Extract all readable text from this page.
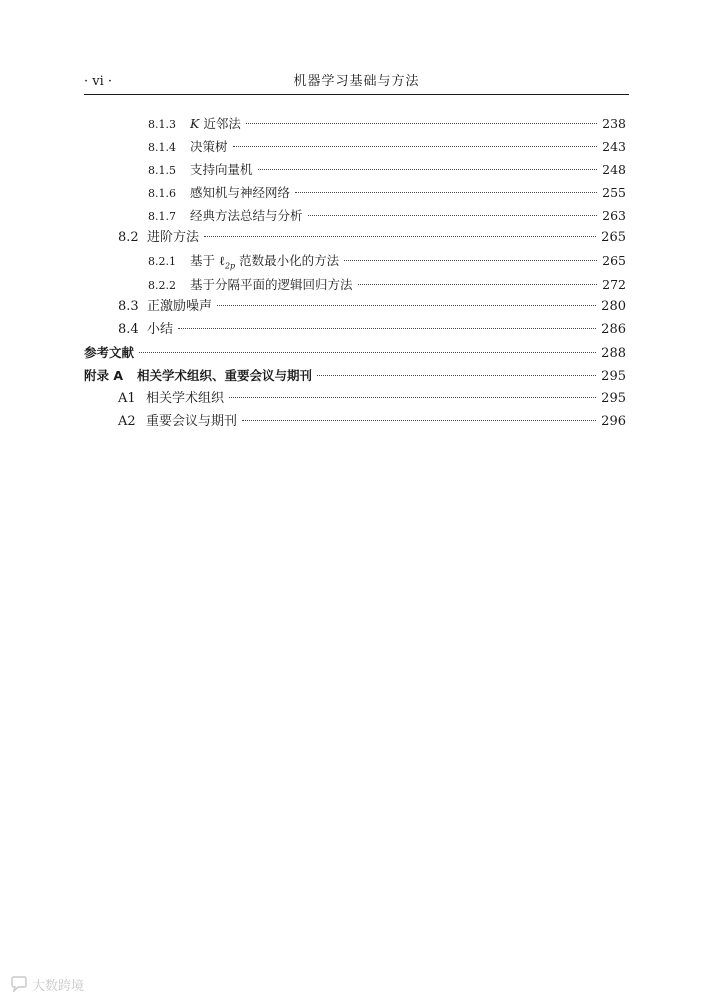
· vi ·	机器学习基础与方法
8.1.3	K 近邻法	238
8.1.4	决策树	243
8.1.5	支持向量机	248
8.1.6	感知机与神经网络	255
8.1.7	经典方法总结与分析	263
8.2 进阶方法	265
8.2.1	基于 ℓ$_{2p}$ 范数最小化的方法	265
8.2.2	基于分隔平面的逻辑回归方法	272
8.3 正激励噪声	280
8.4 小结	286
参考文献	288
附录 A	相关学术组织、重要会议与期刊	295
A1 相关学术组织	295
A2 重要会议与期刊	296
大数跨境
